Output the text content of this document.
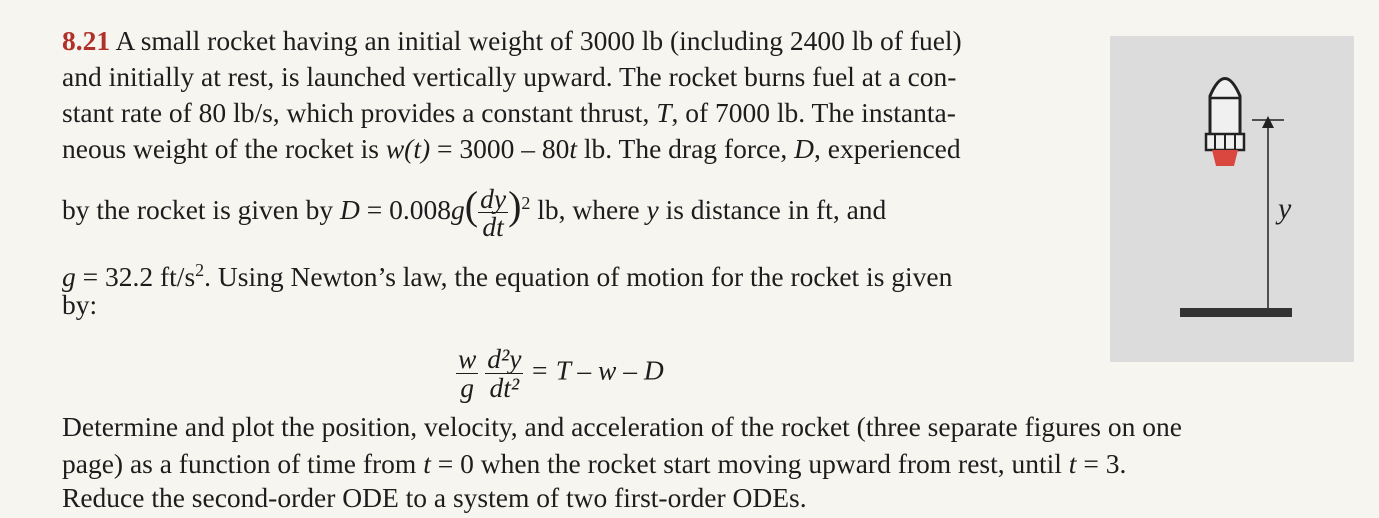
8.21 A small rocket having an initial weight of 3000 lb (including 2400 lb of fuel)
and initially at rest, is launched vertically upward. The rocket burns fuel at a con-
stant rate of 80 lb/s, which provides a constant thrust, T, of 7000 lb. The instanta-
neous weight of the rocket is w(t) = 3000 – 80t lb. The drag force, D, experienced
by the rocket is given by $D = 0.008g( \frac{dy}{dt} )^2$ lb, where y is distance in ft, and
g = 32.2 $ft/s^2$. Using Newton’s law, the equation of motion for the rocket is given
by:
$\frac{w}{g}$
$\frac{\text{d²y}}{\text{dt²}} = T - w - D$
Determine and plot the position, velocity, and acceleration of the rocket (three separate figures on one
page) as a function of time from t = 0 when the rocket start moving upward from rest, until t = 3.
Reduce the second-order ODE to a system of two first-order ODEs.
y
